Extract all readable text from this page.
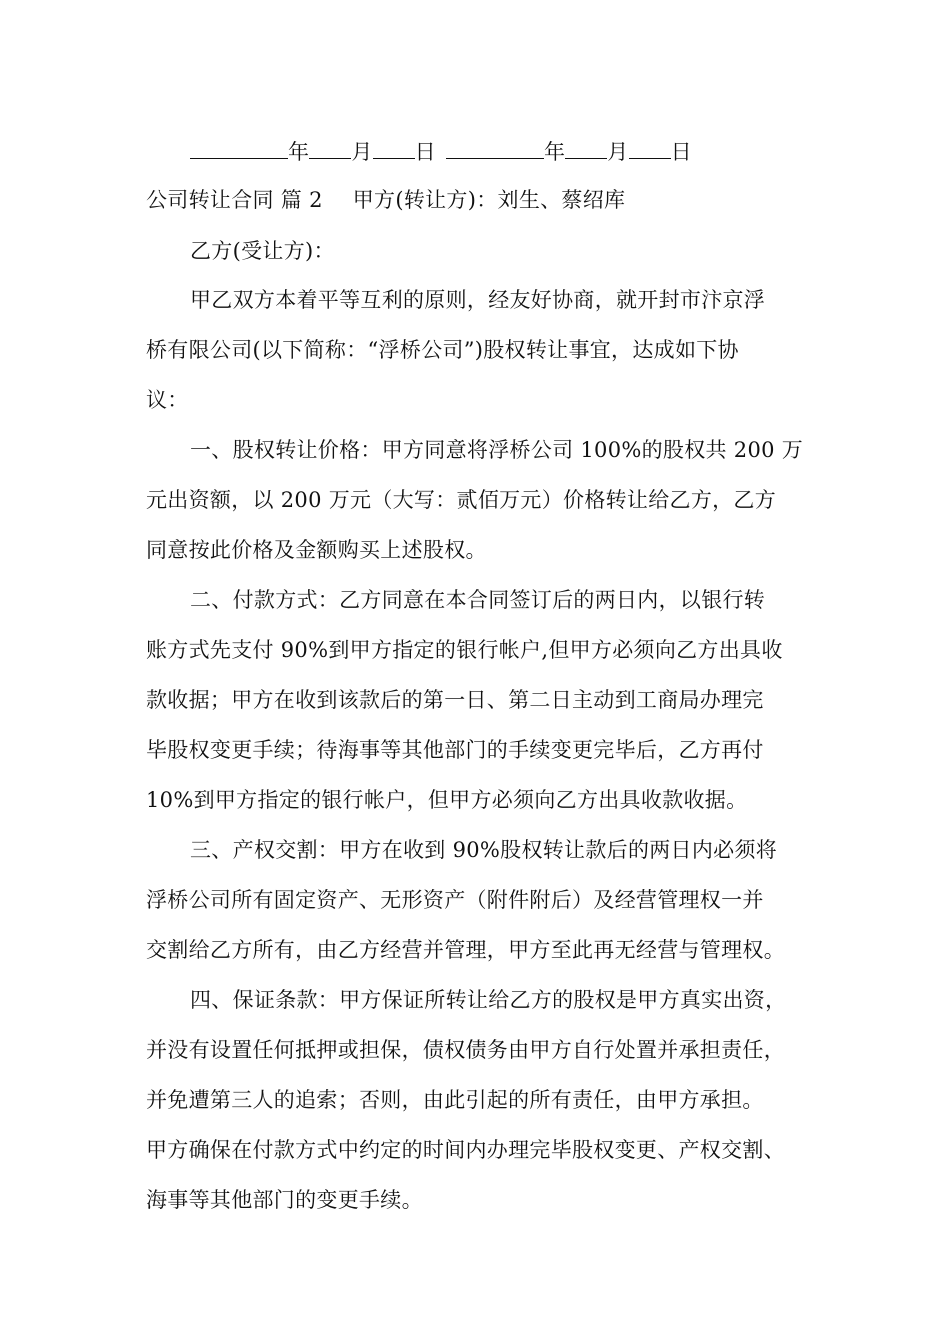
年 月 日	年 月 日
公司转让合同 篇 2 甲方(转让方)：刘生、蔡绍库
乙方(受让方)：
甲乙双方本着平等互利的原则，经友好协商，就开封市汴京浮
桥有限公司(以下简称：“浮桥公司”)股权转让事宜，达成如下协
议：
一、股权转让价格：甲方同意将浮桥公司 100%的股权共 200 万
元出资额，以 200 万元（大写：贰佰万元）价格转让给乙方，乙方
同意按此价格及金额购买上述股权。
二、付款方式：乙方同意在本合同签订后的两日内，以银行转
账方式先支付 90%到甲方指定的银行帐户,但甲方必须向乙方出具收
款收据；甲方在收到该款后的第一日、第二日主动到工商局办理完
毕股权变更手续；待海事等其他部门的手续变更完毕后，乙方再付
10%到甲方指定的银行帐户，但甲方必须向乙方出具收款收据。
三、产权交割：甲方在收到 90%股权转让款后的两日内必须将
浮桥公司所有固定资产、无形资产（附件附后）及经营管理权一并
交割给乙方所有，由乙方经营并管理，甲方至此再无经营与管理权。
四、保证条款：甲方保证所转让给乙方的股权是甲方真实出资，
并没有设置任何抵押或担保，债权债务由甲方自行处置并承担责任，
并免遭第三人的追索；否则，由此引起的所有责任，由甲方承担。
甲方确保在付款方式中约定的时间内办理完毕股权变更、产权交割、
海事等其他部门的变更手续。
